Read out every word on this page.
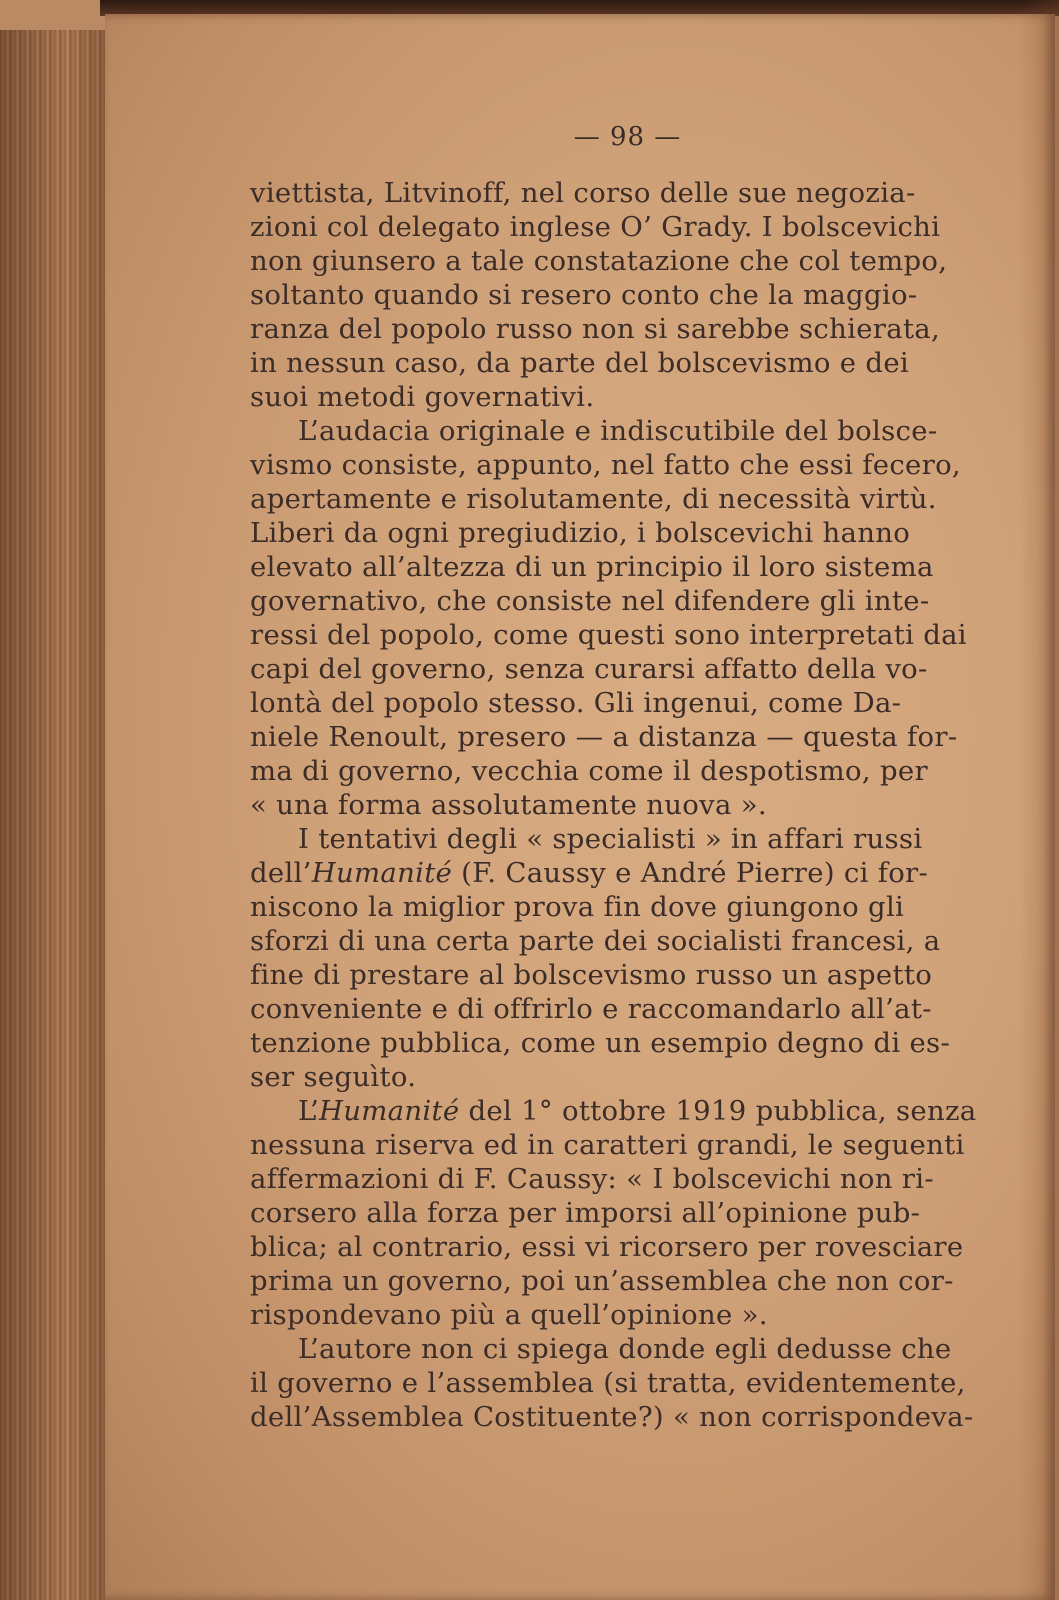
— 98 —
viettista, Litvinoff, nel corso delle sue negozia-
zioni col delegato inglese O’ Grady. I bolscevichi
non giunsero a tale constatazione che col tempo,
soltanto quando si resero conto che la maggio-
ranza del popolo russo non si sarebbe schierata,
in nessun caso, da parte del bolscevismo e dei
suoi metodi governativi.
L’audacia originale e indiscutibile del bolsce-
vismo consiste, appunto, nel fatto che essi fecero,
apertamente e risolutamente, di necessità virtù.
Liberi da ogni pregiudizio, i bolscevichi hanno
elevato all’altezza di un principio il loro sistema
governativo, che consiste nel difendere gli inte-
ressi del popolo, come questi sono interpretati dai
capi del governo, senza curarsi affatto della vo-
lontà del popolo stesso. Gli ingenui, come Da-
niele Renoult, presero — a distanza — questa for-
ma di governo, vecchia come il despotismo, per
« una forma assolutamente nuova ».
I tentativi degli « specialisti » in affari russi
dell’Humanité (F. Caussy e André Pierre) ci for-
niscono la miglior prova fin dove giungono gli
sforzi di una certa parte dei socialisti francesi, a
fine di prestare al bolscevismo russo un aspetto
conveniente e di offrirlo e raccomandarlo all’at-
tenzione pubblica, come un esempio degno di es-
ser seguìto.
L’Humanité del 1° ottobre 1919 pubblica, senza
nessuna riserva ed in caratteri grandi, le seguenti
affermazioni di F. Caussy: « I bolscevichi non ri-
corsero alla forza per imporsi all’opinione pub-
blica; al contrario, essi vi ricorsero per rovesciare
prima un governo, poi un’assemblea che non cor-
rispondevano più a quell’opinione ».
L’autore non ci spiega donde egli dedusse che
il governo e l’assemblea (si tratta, evidentemente,
dell’Assemblea Costituente?) « non corrispondeva-
